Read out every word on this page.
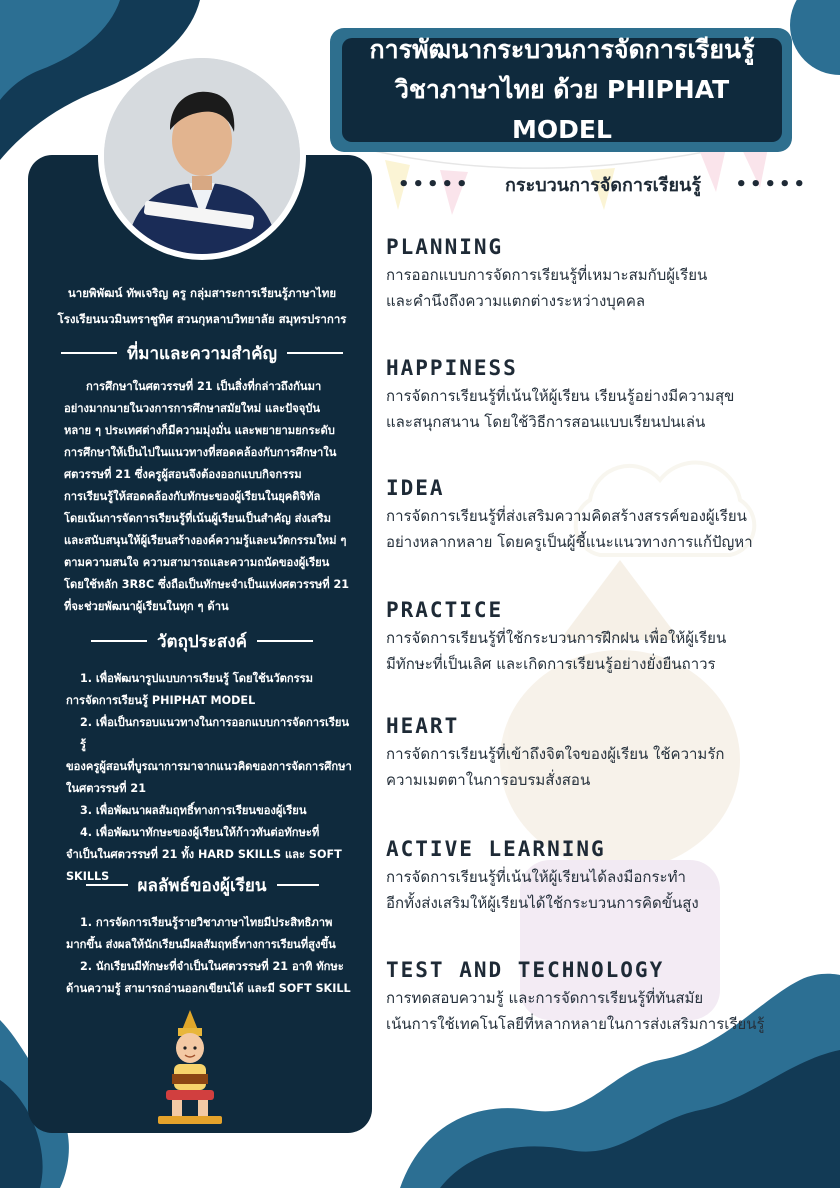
การพัฒนากระบวนการจัดการเรียนรู้
วิชาภาษาไทย ด้วย PHIPHAT MODEL
••••• กระบวนการจัดการเรียนรู้ •••••
PLANNING
การออกแบบการจัดการเรียนรู้ที่เหมาะสมกับผู้เรียน
และคำนึงถึงความแตกต่างระหว่างบุคคล
HAPPINESS
การจัดการเรียนรู้ที่เน้นให้ผู้เรียน เรียนรู้อย่างมีความสุข
และสนุกสนาน โดยใช้วิธีการสอนแบบเรียนปนเล่น
IDEA
การจัดการเรียนรู้ที่ส่งเสริมความคิดสร้างสรรค์ของผู้เรียน
อย่างหลากหลาย โดยครูเป็นผู้ชี้แนะแนวทางการแก้ปัญหา
PRACTICE
การจัดการเรียนรู้ที่ใช้กระบวนการฝึกฝน เพื่อให้ผู้เรียน
มีทักษะที่เป็นเลิศ และเกิดการเรียนรู้อย่างยั่งยืนถาวร
HEART
การจัดการเรียนรู้ที่เข้าถึงจิตใจของผู้เรียน ใช้ความรัก
ความเมตตาในการอบรมสั่งสอน
ACTIVE LEARNING
การจัดการเรียนรู้ที่เน้นให้ผู้เรียนได้ลงมือกระทำ
อีกทั้งส่งเสริมให้ผู้เรียนได้ใช้กระบวนการคิดขั้นสูง
TEST AND TECHNOLOGY
การทดสอบความรู้ และการจัดการเรียนรู้ที่ทันสมัย
เน้นการใช้เทคโนโลยีที่หลากหลายในการส่งเสริมการเรียนรู้
นายพิพัฒน์ ทัพเจริญ ครู กลุ่มสาระการเรียนรู้ภาษาไทย
โรงเรียนนวมินทราชูทิศ สวนกุหลาบวิทยาลัย สมุทรปราการ
ที่มาและความสำคัญ
การศึกษาในศตวรรษที่ 21 เป็นสิ่งที่กล่าวถึงกันมา
อย่างมากมายในวงการการศึกษาสมัยใหม่ และปัจจุบัน
หลาย ๆ ประเทศต่างก็มีความมุ่งมั่น และพยายามยกระดับ
การศึกษาให้เป็นไปในแนวทางที่สอดคล้องกับการศึกษาใน
ศตวรรษที่ 21 ซึ่งครูผู้สอนจึงต้องออกแบบกิจกรรม
การเรียนรู้ให้สอดคล้องกับทักษะของผู้เรียนในยุคดิจิทัล
โดยเน้นการจัดการเรียนรู้ที่เน้นผู้เรียนเป็นสำคัญ ส่งเสริม
และสนับสนุนให้ผู้เรียนสร้างองค์ความรู้และนวัตกรรมใหม่ ๆ
ตามความสนใจ ความสามารถและความถนัดของผู้เรียน
โดยใช้หลัก 3R8C ซึ่งถือเป็นทักษะจำเป็นแห่งศตวรรษที่ 21
ที่จะช่วยพัฒนาผู้เรียนในทุก ๆ ด้าน
วัตถุประสงค์
1. เพื่อพัฒนารูปแบบการเรียนรู้ โดยใช้นวัตกรรม
การจัดการเรียนรู้ PHIPHAT MODEL
2. เพื่อเป็นกรอบแนวทางในการออกแบบการจัดการเรียนรู้
ของครูผู้สอนที่บูรณาการมาจากแนวคิดของการจัดการศึกษา
ในศตวรรษที่ 21
3. เพื่อพัฒนาผลสัมฤทธิ์ทางการเรียนของผู้เรียน
4. เพื่อพัฒนาทักษะของผู้เรียนให้ก้าวทันต่อทักษะที่
จำเป็นในศตวรรษที่ 21 ทั้ง HARD SKILLS และ SOFT
SKILLS	ผลลัพธ์ของผู้เรียน
1. การจัดการเรียนรู้รายวิชาภาษาไทยมีประสิทธิภาพ
มากขึ้น ส่งผลให้นักเรียนมีผลสัมฤทธิ์ทางการเรียนที่สูงขึ้น
2. นักเรียนมีทักษะที่จำเป็นในศตวรรษที่ 21 อาทิ ทักษะ
ด้านความรู้ สามารถอ่านออกเขียนได้ และมี SOFT SKILL
